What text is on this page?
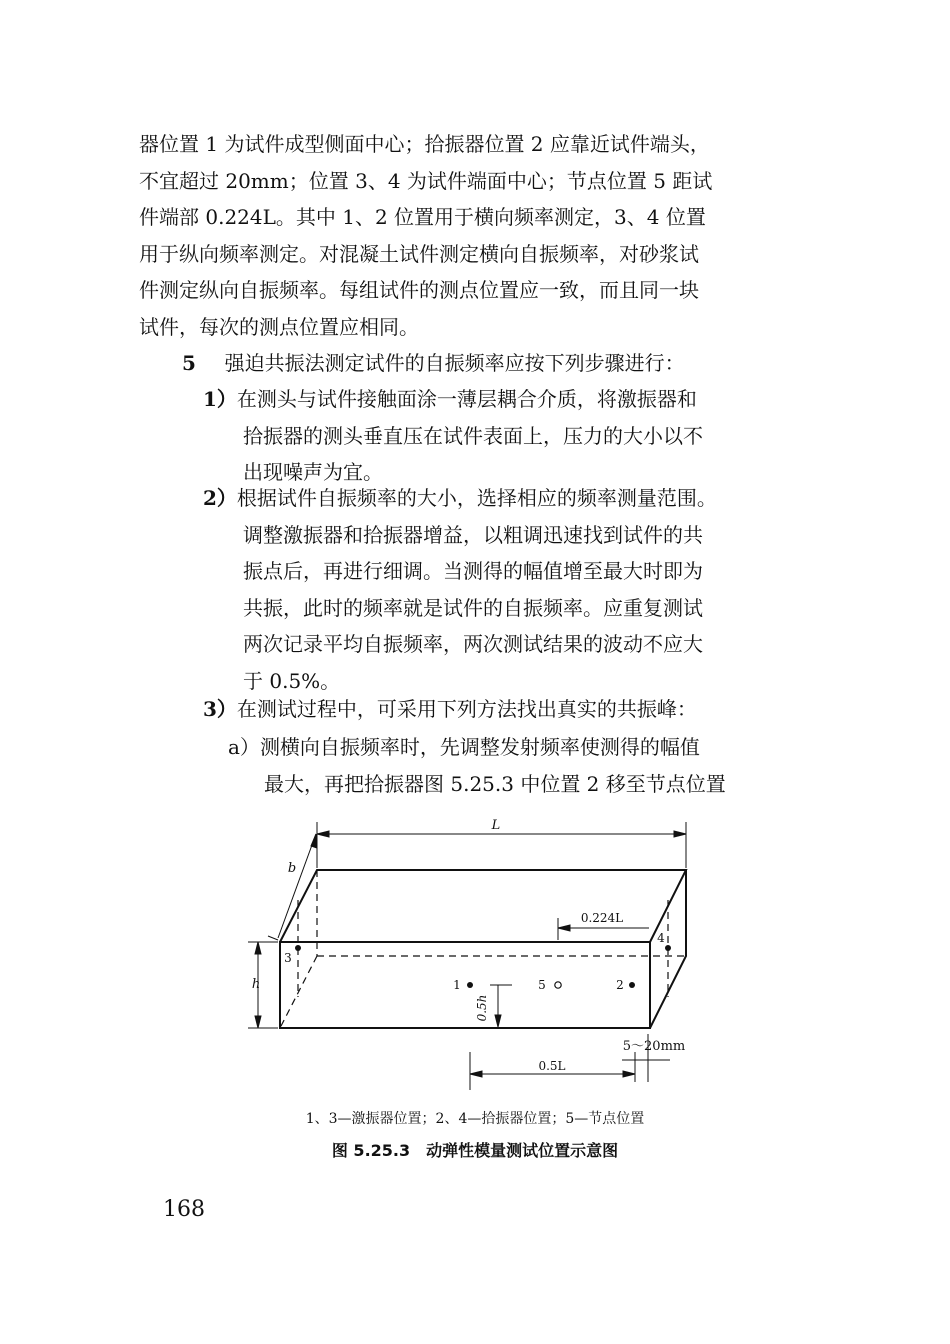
器位置 1 为试件成型侧面中心；拾振器位置 2 应靠近试件端头，
不宜超过 20mm；位置 3、4 为试件端面中心；节点位置 5 距试
件端部 0.224L。其中 1、2 位置用于横向频率测定，3、4 位置
用于纵向频率测定。对混凝土试件测定横向自振频率，对砂浆试
件测定纵向自振频率。每组试件的测点位置应一致，而且同一块
试件，每次的测点位置应相同。
5 强迫共振法测定试件的自振频率应按下列步骤进行：
1）在测头与试件接触面涂一薄层耦合介质，将激振器和
拾振器的测头垂直压在试件表面上，压力的大小以不
出现噪声为宜。
2）根据试件自振频率的大小，选择相应的频率测量范围。
调整激振器和拾振器增益，以粗调迅速找到试件的共
振点后，再进行细调。当测得的幅值增至最大时即为
共振，此时的频率就是试件的自振频率。应重复测试
两次记录平均自振频率，两次测试结果的波动不应大
于 0.5%。
3）在测试过程中，可采用下列方法找出真实的共振峰：
a）测横向自振频率时，先调整发射频率使测得的幅值
最大，再把拾振器图 5.25.3 中位置 2 移至节点位置
L
b
h
0.224L
0.5h
0.5L
5～20mm
1	5	2
3
4
1、3—激振器位置；2、4—拾振器位置；5—节点位置
图 5.25.3 动弹性模量测试位置示意图
168
